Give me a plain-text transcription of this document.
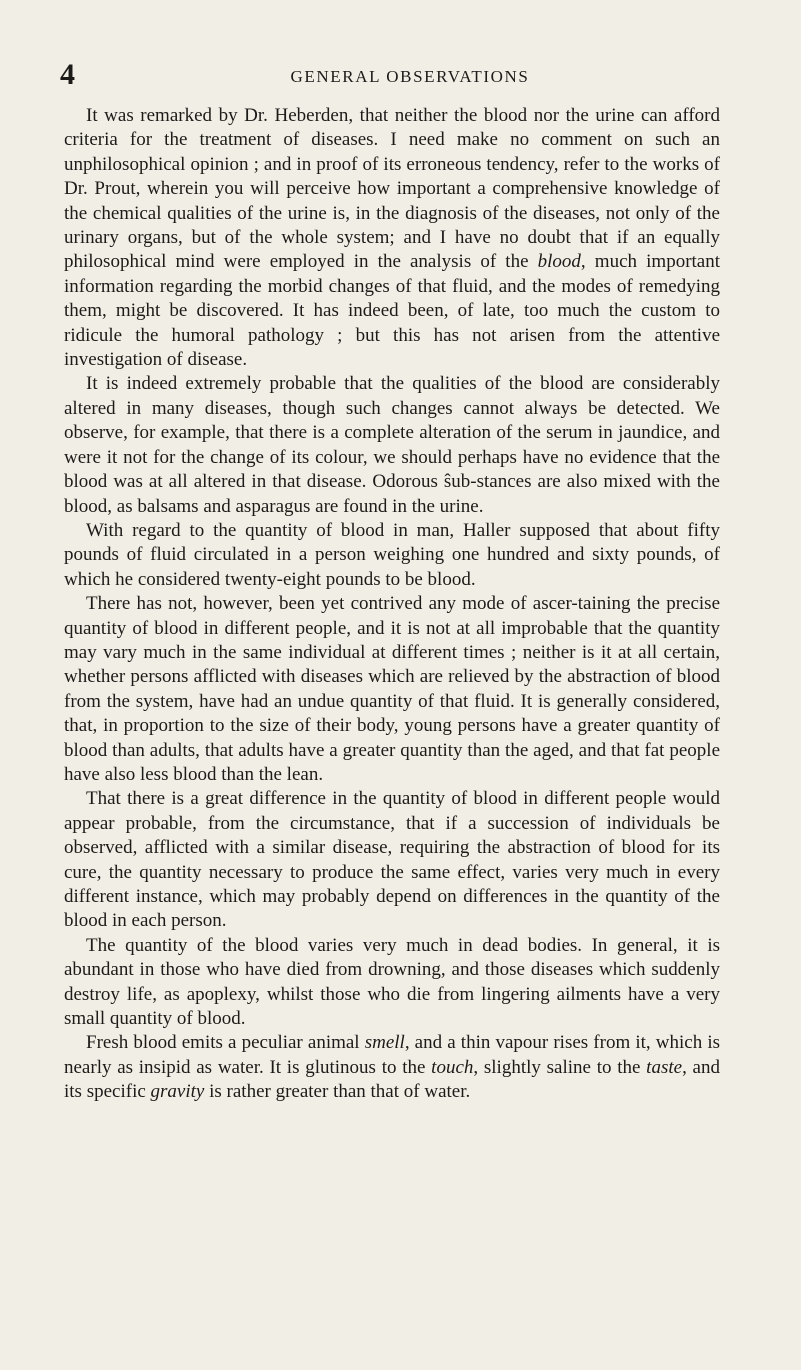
4	GENERAL OBSERVATIONS

It was remarked by Dr. Heberden, that neither the blood nor the urine can afford criteria for the treatment of diseases. I need make no comment on such an unphilosophical opinion ; and in proof of its erroneous tendency, refer to the works of Dr. Prout, wherein you will perceive how important a comprehensive knowledge of the chemical qualities of the urine is, in the diagnosis of the diseases, not only of the urinary organs, but of the whole system; and I have no doubt that if an equally philosophical mind were employed in the analysis of the blood, much important information regarding the morbid changes of that fluid, and the modes of remedying them, might be discovered. It has indeed been, of late, too much the custom to ridicule the humoral pathology ; but this has not arisen from the attentive investigation of disease.

It is indeed extremely probable that the qualities of the blood are considerably altered in many diseases, though such changes cannot always be detected. We observe, for example, that there is a complete alteration of the serum in jaundice, and were it not for the change of its colour, we should perhaps have no evidence that the blood was at all altered in that disease. Odorous ŝub-stances are also mixed with the blood, as balsams and asparagus are found in the urine.

With regard to the quantity of blood in man, Haller supposed that about fifty pounds of fluid circulated in a person weighing one hundred and sixty pounds, of which he considered twenty-eight pounds to be blood.

There has not, however, been yet contrived any mode of ascer-taining the precise quantity of blood in different people, and it is not at all improbable that the quantity may vary much in the same individual at different times ; neither is it at all certain, whether persons afflicted with diseases which are relieved by the abstraction of blood from the system, have had an undue quantity of that fluid. It is generally considered, that, in proportion to the size of their body, young persons have a greater quantity of blood than adults, that adults have a greater quantity than the aged, and that fat people have also less blood than the lean.

That there is a great difference in the quantity of blood in different people would appear probable, from the circumstance, that if a succession of individuals be observed, afflicted with a similar disease, requiring the abstraction of blood for its cure, the quantity necessary to produce the same effect, varies very much in every different instance, which may probably depend on differences in the quantity of the blood in each person.

The quantity of the blood varies very much in dead bodies. In general, it is abundant in those who have died from drowning, and those diseases which suddenly destroy life, as apoplexy, whilst those who die from lingering ailments have a very small quantity of blood.

Fresh blood emits a peculiar animal smell, and a thin vapour rises from it, which is nearly as insipid as water. It is glutinous to the touch, slightly saline to the taste, and its specific gravity is rather greater than that of water.
